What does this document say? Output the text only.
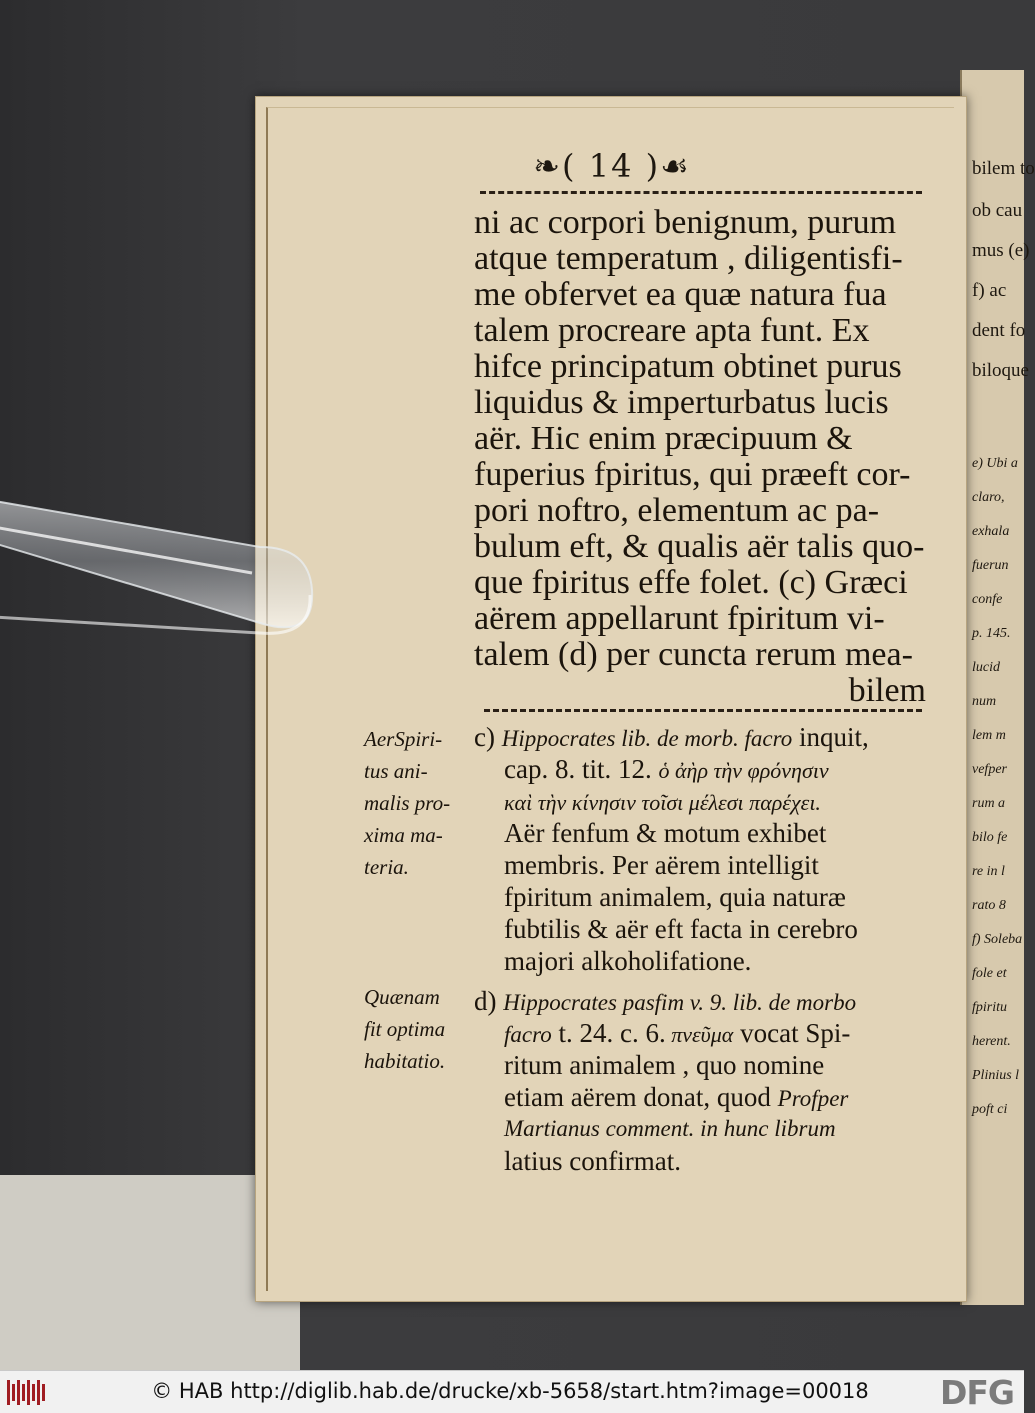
bilem to
ob cau
mus (e)
f) ac
dent fo
biloque
e) Ubi a
claro,
exhala
fuerun
confe
p. 145.
lucid
num
lem m
vefper
rum a
bilo fe
re in l
rato 8
f) Soleba
fole et
fpiritu
herent.
Plinius l
poft ci
❧( 14 )☙
ni ac corpori benignum, purum
atque temperatum , diligentisfi-
me obfervet ea quæ natura fua
talem procreare apta funt. Ex
hifce principatum obtinet purus
liquidus & imperturbatus lucis
aër. Hic enim præcipuum &
fuperius fpiritus, qui præeft cor-
pori noftro, elementum ac pa-
bulum eft, & qualis aër talis quo-
que fpiritus effe folet. (c) Græci
aërem appellarunt fpiritum vi-
talem (d) per cuncta rerum mea-
bilem
AerSpiri-
tus ani-
malis pro-
xima ma-
teria.
Quænam
fit optima
habitatio.
c) Hippocrates lib. de morb. facro inquit,
cap. 8. tit. 12. ὁ ἀὴρ τὴν φρόνησιν
καὶ τὴν κίνησιν τοῖσι μέλεσι παρέχει.
Aër fenfum & motum exhibet
membris. Per aërem intelligit
fpiritum animalem, quia naturæ
fubtilis & aër eft facta in cerebro
majori alkoholifatione.
d) Hippocrates pasfim v. 9. lib. de morbo
facro t. 24. c. 6. πνεῦμα vocat Spi-
ritum animalem , quo nomine
etiam aërem donat, quod Profper
Martianus comment. in hunc librum
latius confirmat.
© HAB http://diglib.hab.de/drucke/xb-5658/start.htm?image=00018	DFG
